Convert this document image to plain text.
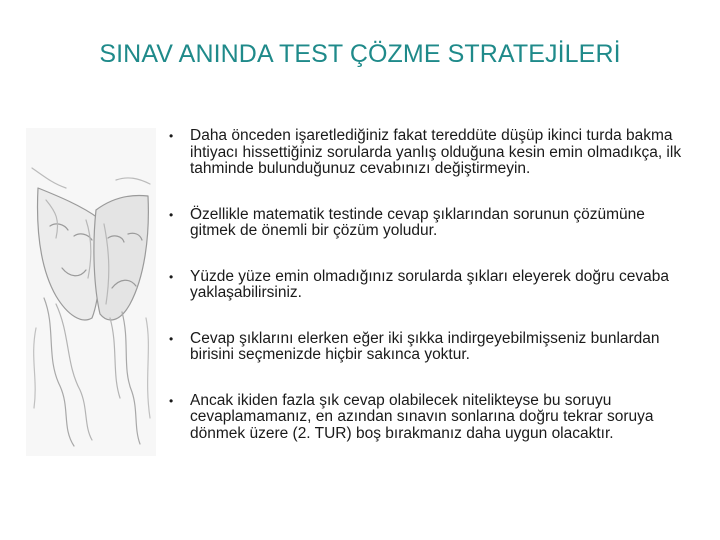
SINAV ANINDA TEST ÇÖZME STRATEJİLERİ
• Daha önceden işaretlediğiniz fakat tereddüte düşüp ikinci turda bakma ihtiyacı hissettiğiniz sorularda yanlış olduğuna kesin emin olmadıkça, ilk tahminde bulunduğunuz cevabınızı değiştirmeyin.
• Özellikle matematik testinde cevap şıklarından sorunun çözümüne gitmek de önemli bir çözüm yoludur.
• Yüzde yüze emin olmadığınız sorularda şıkları eleyerek doğru cevaba yaklaşabilirsiniz.
• Cevap şıklarını elerken eğer iki şıkka indirgeyebilmişseniz bunlardan birisini seçmenizde hiçbir sakınca yoktur.
• Ancak ikiden fazla şık cevap olabilecek nitelikteyse bu soruyu cevaplamamanız, en azından sınavın sonlarına doğru tekrar soruya dönmek üzere (2. TUR) boş bırakmanız daha uygun olacaktır.
